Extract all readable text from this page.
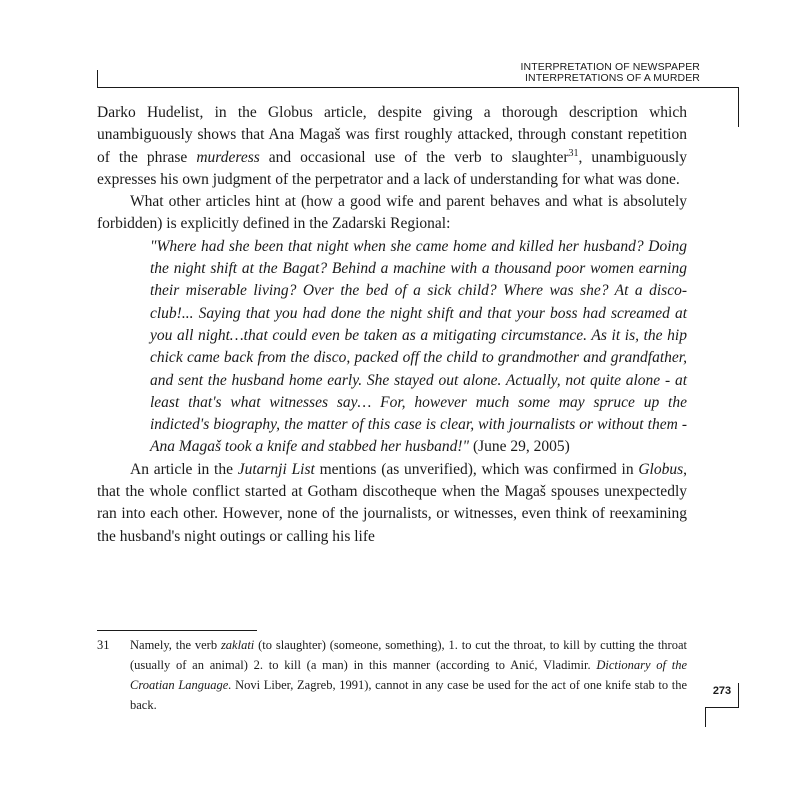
INTERPRETATION OF NEWSPAPER
INTERPRETATIONS OF A MURDER

Darko Hudelist, in the Globus article, despite giving a thorough description which unambiguously shows that Ana Magaš was first roughly attacked, through constant repetition of the phrase murderess and occasional use of the verb to slaughter$^{31}$, unambiguously expresses his own judgment of the perpetrator and a lack of understanding for what was done.

What other articles hint at (how a good wife and parent behaves and what is absolutely forbidden) is explicitly defined in the Zadarski Regional:

"Where had she been that night when she came home and killed her husband? Doing the night shift at the Bagat? Behind a machine with a thousand poor women earning their miserable living? Over the bed of a sick child? Where was she? At a disco-club!... Saying that you had done the night shift and that your boss had screamed at you all night…that could even be taken as a mitigating circumstance. As it is, the hip chick came back from the disco, packed off the child to grandmother and grandfather, and sent the husband home early. She stayed out alone. Actually, not quite alone - at least that's what witnesses say… For, however much some may spruce up the indicted's biography, the matter of this case is clear, with journalists or without them - Ana Magaš took a knife and stabbed her husband!" (June 29, 2005)

An article in the Jutarnji List mentions (as unverified), which was confirmed in Globus, that the whole conflict started at Gotham discotheque when the Magaš spouses unexpectedly ran into each other. However, none of the journalists, or witnesses, even think of reexamining the husband's night outings or calling his life

31 Namely, the verb zaklati (to slaughter) (someone, something), 1. to cut the throat, to kill by cutting the throat (usually of an animal) 2. to kill (a man) in this manner (according to Anić, Vladimir. Dictionary of the Croatian Language. Novi Liber, Zagreb, 1991), cannot in any case be used for the act of one knife stab to the back.
273
